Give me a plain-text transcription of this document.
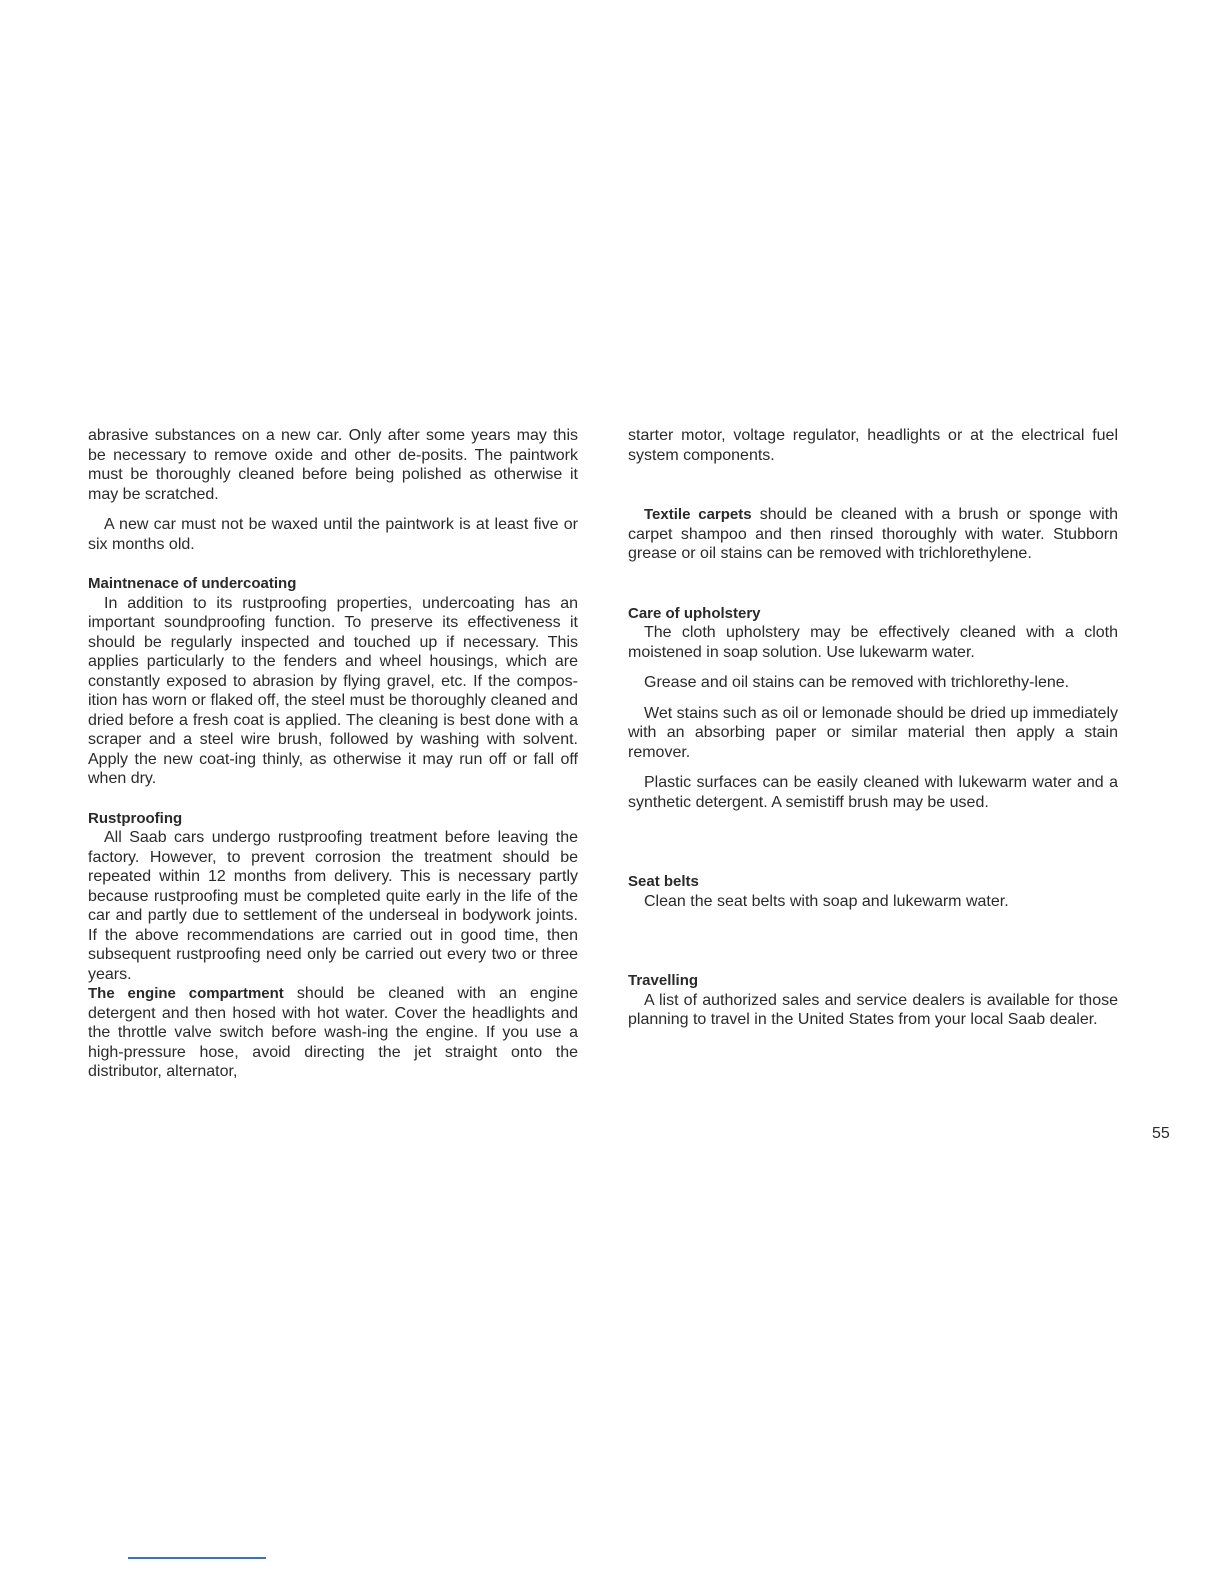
abrasive substances on a new car. Only after some years may this be necessary to remove oxide and other de-posits. The paintwork must be thoroughly cleaned before being polished as otherwise it may be scratched.

A new car must not be waxed until the paintwork is at least five or six months old.

Maintnenace of undercoating

In addition to its rustproofing properties, undercoating has an important soundproofing function. To preserve its effectiveness it should be regularly inspected and touched up if necessary. This applies particularly to the fenders and wheel housings, which are constantly exposed to abrasion by flying gravel, etc. If the compos-ition has worn or flaked off, the steel must be thoroughly cleaned and dried before a fresh coat is applied. The cleaning is best done with a scraper and a steel wire brush, followed by washing with solvent. Apply the new coat-ing thinly, as otherwise it may run off or fall off when dry.

Rustproofing

All Saab cars undergo rustproofing treatment before leaving the factory. However, to prevent corrosion the treatment should be repeated within 12 months from delivery. This is necessary partly because rustproofing must be completed quite early in the life of the car and partly due to settlement of the underseal in bodywork joints. If the above recommendations are carried out in good time, then subsequent rustproofing need only be carried out every two or three years.

The engine compartment should be cleaned with an engine detergent and then hosed with hot water. Cover the headlights and the throttle valve switch before wash-ing the engine. If you use a high-pressure hose, avoid directing the jet straight onto the distributor, alternator,

starter motor, voltage regulator, headlights or at the electrical fuel system components.

Textile carpets should be cleaned with a brush or sponge with carpet shampoo and then rinsed thoroughly with water. Stubborn grease or oil stains can be removed with trichlorethylene.

Care of upholstery

The cloth upholstery may be effectively cleaned with a cloth moistened in soap solution. Use lukewarm water.

Grease and oil stains can be removed with trichlorethy-lene.

Wet stains such as oil or lemonade should be dried up immediately with an absorbing paper or similar material then apply a stain remover.

Plastic surfaces can be easily cleaned with lukewarm water and a synthetic detergent. A semistiff brush may be used.

Seat belts

Clean the seat belts with soap and lukewarm water.

Travelling

A list of authorized sales and service dealers is available for those planning to travel in the United States from your local Saab dealer.

55
